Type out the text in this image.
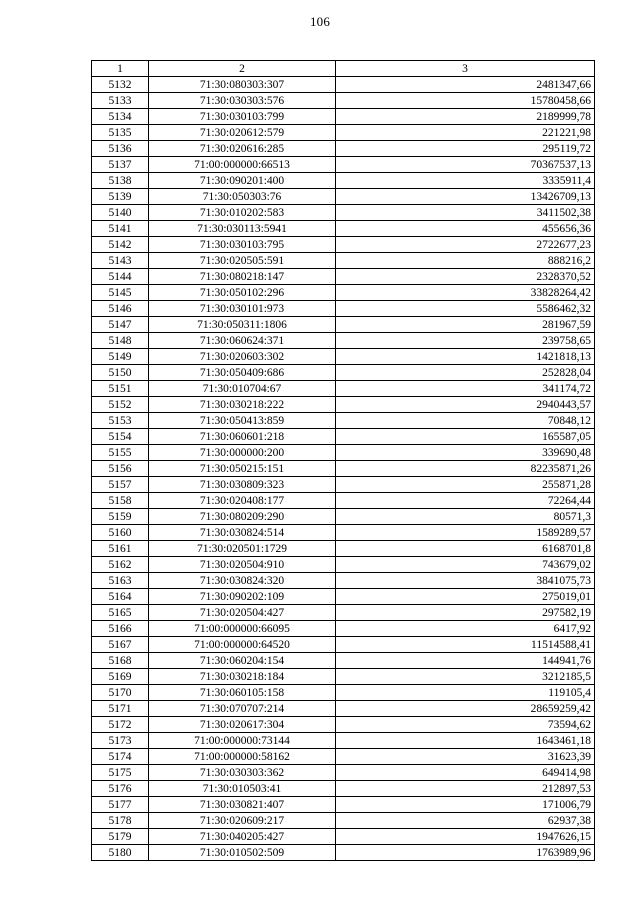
106
1	2	3
5132	71:30:080303:307	2481347,66
5133	71:30:030303:576	15780458,66
5134	71:30:030103:799	2189999,78
5135	71:30:020612:579	221221,98
5136	71:30:020616:285	295119,72
5137	71:00:000000:66513	70367537,13
5138	71:30:090201:400	3335911,4
5139	71:30:050303:76	13426709,13
5140	71:30:010202:583	3411502,38
5141	71:30:030113:5941	455656,36
5142	71:30:030103:795	2722677,23
5143	71:30:020505:591	888216,2
5144	71:30:080218:147	2328370,52
5145	71:30:050102:296	33828264,42
5146	71:30:030101:973	5586462,32
5147	71:30:050311:1806	281967,59
5148	71:30:060624:371	239758,65
5149	71:30:020603:302	1421818,13
5150	71:30:050409:686	252828,04
5151	71:30:010704:67	341174,72
5152	71:30:030218:222	2940443,57
5153	71:30:050413:859	70848,12
5154	71:30:060601:218	165587,05
5155	71:30:000000:200	339690,48
5156	71:30:050215:151	82235871,26
5157	71:30:030809:323	255871,28
5158	71:30:020408:177	72264,44
5159	71:30:080209:290	80571,3
5160	71:30:030824:514	1589289,57
5161	71:30:020501:1729	6168701,8
5162	71:30:020504:910	743679,02
5163	71:30:030824:320	3841075,73
5164	71:30:090202:109	275019,01
5165	71:30:020504:427	297582,19
5166	71:00:000000:66095	6417,92
5167	71:00:000000:64520	11514588,41
5168	71:30:060204:154	144941,76
5169	71:30:030218:184	3212185,5
5170	71:30:060105:158	119105,4
5171	71:30:070707:214	28659259,42
5172	71:30:020617:304	73594,62
5173	71:00:000000:73144	1643461,18
5174	71:00:000000:58162	31623,39
5175	71:30:030303:362	649414,98
5176	71:30:010503:41	212897,53
5177	71:30:030821:407	171006,79
5178	71:30:020609:217	62937,38
5179	71:30:040205:427	1947626,15
5180	71:30:010502:509	1763989,96
